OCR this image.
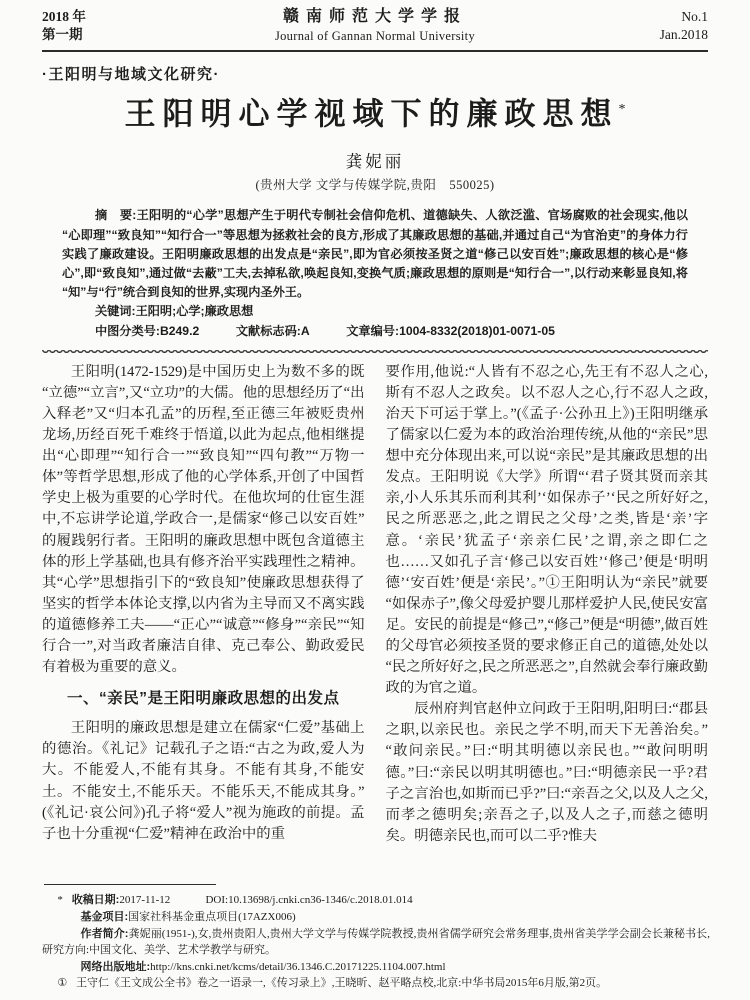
2018 年
第一期
赣南师范大学学报
Journal of Gannan Normal University
No.1
Jan.2018
·王阳明与地域文化研究·
王阳明心学视域下的廉政思想*
龚妮丽
(贵州大学 文学与传媒学院,贵阳　550025)

摘　要:王阳明的“心学”思想产生于明代专制社会信仰危机、道德缺失、人欲泛滥、官场腐败的社会现实,他以“心即理”“致良知”“知行合一”等思想为拯救社会的良方,形成了其廉政思想的基础,并通过自己“为官治吏”的身体力行实践了廉政建设。王阳明廉政思想的出发点是“亲民”,即为官必须按圣贤之道“修己以安百姓”;廉政思想的核心是“修心”,即“致良知”,通过做“去蔽”工夫,去掉私欲,唤起良知,变换气质;廉政思想的原则是“知行合一”,以行动来彰显良知,将“知”与“行”统合到良知的世界,实现内圣外王。

关键词:王阳明;心学;廉政思想

中图分类号:B249.2	文献标志码:A	文章编号:1004-8332(2018)01-0071-05

王阳明(1472-1529)是中国历史上为数不多的既“立德”“立言”,又“立功”的大儒。他的思想经历了“出入释老”又“归本孔孟”的历程,至正德三年被贬贵州龙场,历经百死千难终于悟道,以此为起点,他相继提出“心即理”“知行合一”“致良知”“四句教”“万物一体”等哲学思想,形成了他的心学体系,开创了中国哲学史上极为重要的心学时代。在他坎坷的仕宦生涯中,不忘讲学论道,学政合一,是儒家“修己以安百姓”的履践躬行者。王阳明的廉政思想中既包含道德主体的形上学基础,也具有修齐治平实践理性之精神。其“心学”思想指引下的“致良知”使廉政思想获得了坚实的哲学本体论支撑,以内省为主导而又不离实践的道德修养工夫——“正心”“诚意”“修身”“亲民”“知行合一”,对当政者廉洁自律、克己奉公、勤政爱民有着极为重要的意义。

一、“亲民”是王阳明廉政思想的出发点

王阳明的廉政思想是建立在儒家“仁爱”基础上的德治。《礼记》记载孔子之语:“古之为政,爱人为大。不能爱人,不能有其身。不能有其身,不能安土。不能安土,不能乐天。不能乐天,不能成其身。”(《礼记·哀公问》)孔子将“爱人”视为施政的前提。孟子也十分重视“仁爱”精神在政治中的重

要作用,他说:“人皆有不忍之心,先王有不忍人之心,斯有不忍人之政矣。以不忍人之心,行不忍人之政,治天下可运于掌上。”(《孟子·公孙丑上》)王阳明继承了儒家以仁爱为本的政治治理传统,从他的“亲民”思想中充分体现出来,可以说“亲民”是其廉政思想的出发点。王阳明说《大学》所谓“‘君子贤其贤而亲其亲,小人乐其乐而利其利’‘如保赤子’‘民之所好好之,民之所恶恶之,此之谓民之父母’之类,皆是‘亲’字意。‘亲民’犹孟子‘亲亲仁民’之谓,亲之即仁之也……又如孔子言‘修己以安百姓’‘修己’便是‘明明德’‘安百姓’便是‘亲民’。”①王阳明认为“亲民”就要“如保赤子”,像父母爱护婴儿那样爱护人民,使民安富足。安民的前提是“修己”,“修己”便是“明德”,做百姓的父母官必须按圣贤的要求修正自己的道德,处处以“民之所好好之,民之所恶恶之”,自然就会奉行廉政勤政的为官之道。

辰州府判官赵仲立问政于王阳明,阳明曰:“郡县之职,以亲民也。亲民之学不明,而天下无善治矣。”“敢问亲民。”曰:“明其明德以亲民也。”“敢问明明德。”曰:“亲民以明其明德也。”曰:“明德亲民一乎?君子之言治也,如斯而已乎?”曰:“亲吾之父,以及人之父,而孝之德明矣;亲吾之子,以及人之子,而慈之德明矣。明德亲民也,而可以二乎?惟夫

* 收稿日期:2017-11-12	DOI:10.13698/j.cnki.cn36-1346/c.2018.01.014

基金项目:国家社科基金重点项目(17AZX006)

作者简介:龚妮丽(1951-),女,贵州贵阳人,贵州大学文学与传媒学院教授,贵州省儒学研究会常务理事,贵州省美学学会副会长兼秘书长,研究方向:中国文化、美学、艺术学教学与研究。

网络出版地址:http://kns.cnki.net/kcms/detail/36.1346.C.20171225.1104.007.html

① 王守仁《王文成公全书》卷之一语录一,《传习录上》,王晓昕、赵平略点校,北京:中华书局2015年6月版,第2页。
